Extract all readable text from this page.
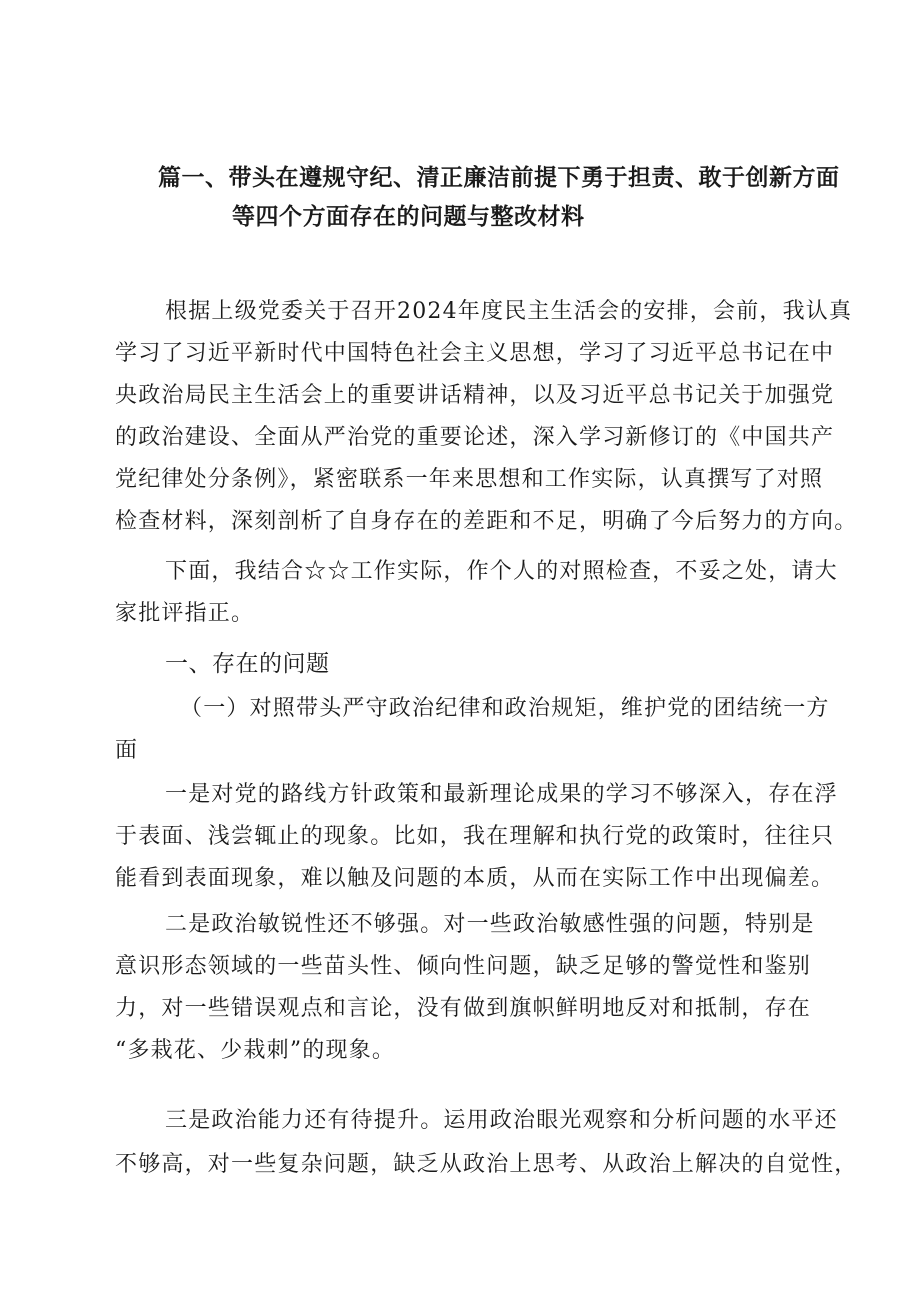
篇一、带头在遵规守纪、清正廉洁前提下勇于担责、敢于创新方面
等四个方面存在的问题与整改材料
根据上级党委关于召开2024年度民主生活会的安排，会前，我认真
学习了习近平新时代中国特色社会主义思想，学习了习近平总书记在中
央政治局民主生活会上的重要讲话精神，以及习近平总书记关于加强党
的政治建设、全面从严治党的重要论述，深入学习新修订的《中国共产
党纪律处分条例》，紧密联系一年来思想和工作实际，认真撰写了对照
检查材料，深刻剖析了自身存在的差距和不足，明确了今后努力的方向。
下面，我结合☆☆工作实际，作个人的对照检查，不妥之处，请大
家批评指正。
一、存在的问题
（一）对照带头严守政治纪律和政治规矩，维护党的团结统一方
面
一是对党的路线方针政策和最新理论成果的学习不够深入，存在浮
于表面、浅尝辄止的现象。比如，我在理解和执行党的政策时，往往只
能看到表面现象，难以触及问题的本质，从而在实际工作中出现偏差。
二是政治敏锐性还不够强。对一些政治敏感性强的问题，特别是
意识形态领域的一些苗头性、倾向性问题，缺乏足够的警觉性和鉴别
力，对一些错误观点和言论，没有做到旗帜鲜明地反对和抵制，存在
“多栽花、少栽刺”的现象。
三是政治能力还有待提升。运用政治眼光观察和分析问题的水平还
不够高，对一些复杂问题，缺乏从政治上思考、从政治上解决的自觉性，
